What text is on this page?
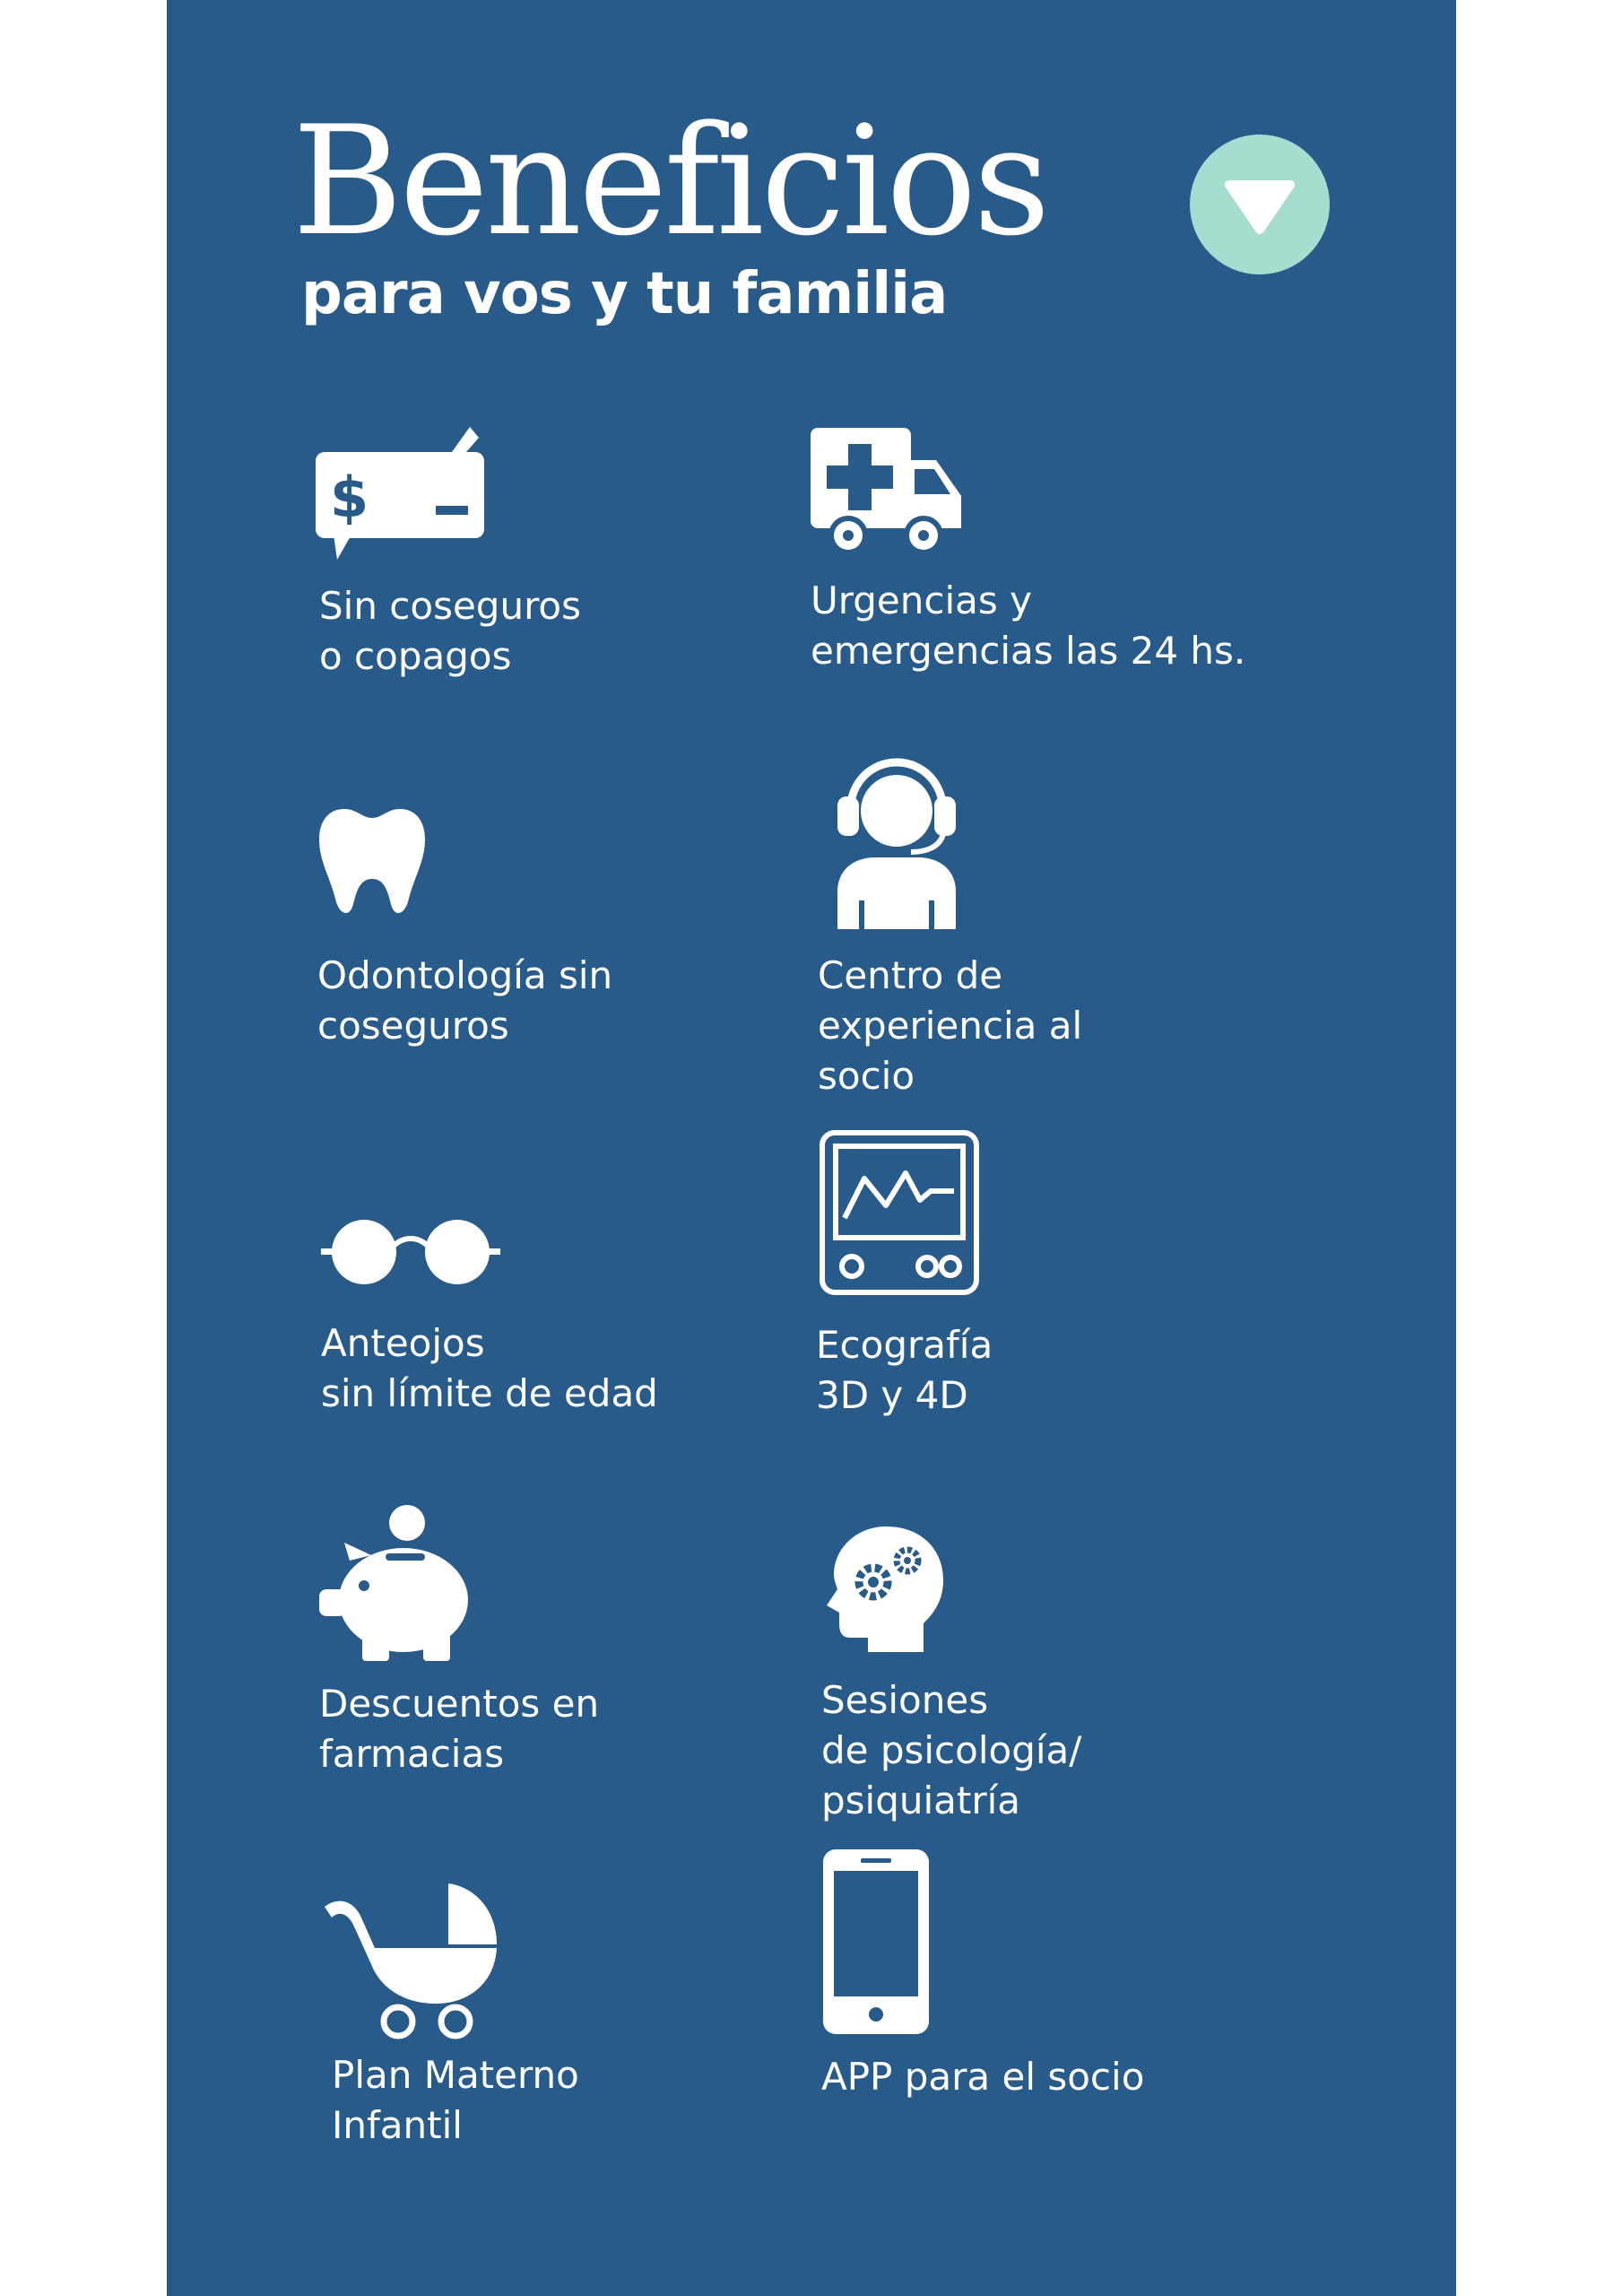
Beneficios
para vos y tu familia
$

Sin coseguros
o copagos

Urgencias y
emergencias las 24 hs.

Odontología sin
coseguros

Centro de
experiencia al
socio

Anteojos
sin límite de edad

Ecografía
3D y 4D

Descuentos en
farmacias

Sesiones
de psicología/
psiquiatría

Plan Materno
Infantil

APP para el socio
